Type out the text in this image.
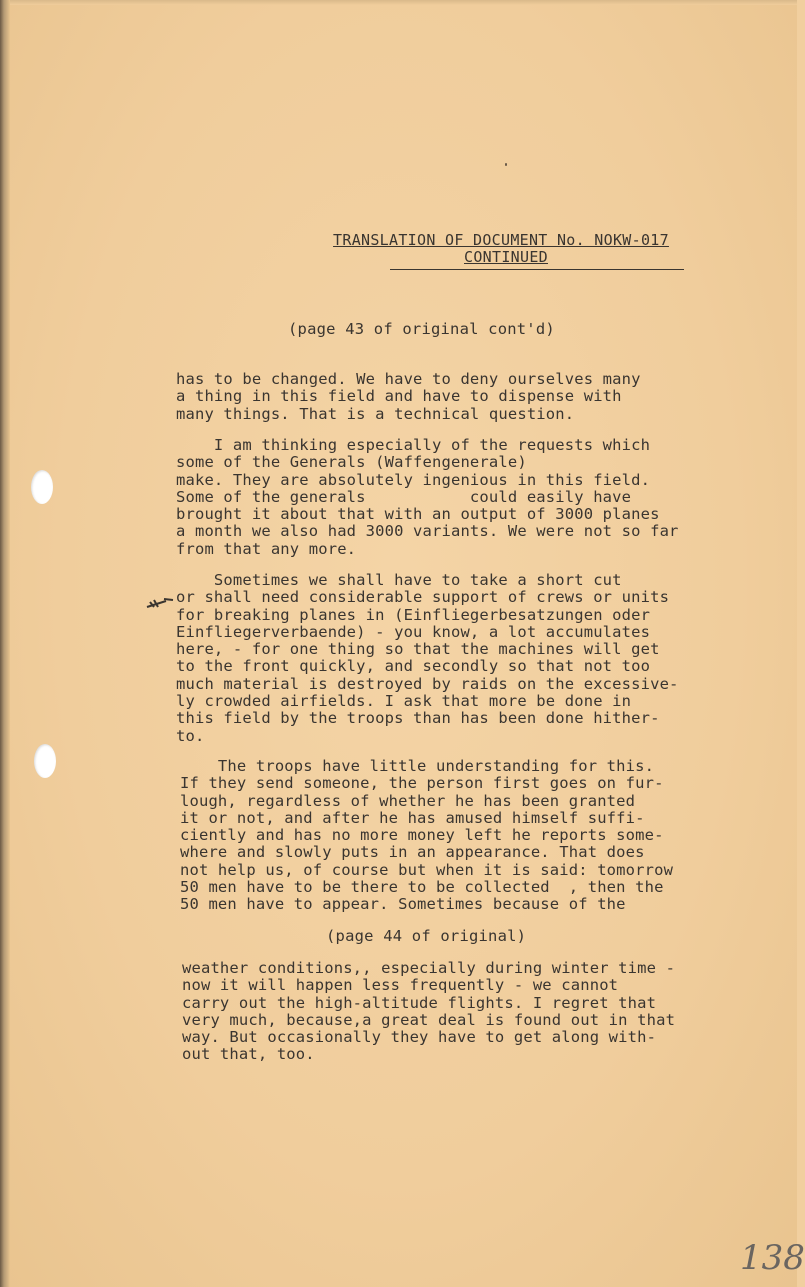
TRANSLATION OF DOCUMENT No. NOKW-017
CONTINUED
(page 43 of original cont'd)
has to be changed. We have to deny ourselves many
a thing in this field and have to dispense with
many things. That is a technical question.
I am thinking especially of the requests which
some of the Generals (Waffengenerale)
make. They are absolutely ingenious in this field.
Some of the generals           could easily have
brought it about that with an output of 3000 planes
a month we also had 3000 variants. We were not so far
from that any more.
Sometimes we shall have to take a short cut
or shall need considerable support of crews or units
for breaking planes in (Einfliegerbesatzungen oder
Einfliegerverbaende) - you know, a lot accumulates
here, - for one thing so that the machines will get
to the front quickly, and secondly so that not too
much material is destroyed by raids on the excessive-
ly crowded airfields. I ask that more be done in
this field by the troops than has been done hither-
to.
The troops have little understanding for this.
If they send someone, the person first goes on fur-
lough, regardless of whether he has been granted
it or not, and after he has amused himself suffi-
ciently and has no more money left he reports some-
where and slowly puts in an appearance. That does
not help us, of course but when it is said: tomorrow
50 men have to be there to be collected  , then the
50 men have to appear. Sometimes because of the
(page 44 of original)
weather conditions,, especially during winter time -
now it will happen less frequently - we cannot
carry out the high-altitude flights. I regret that
very much, because,a great deal is found out in that
way. But occasionally they have to get along with-
out that, too.
138
